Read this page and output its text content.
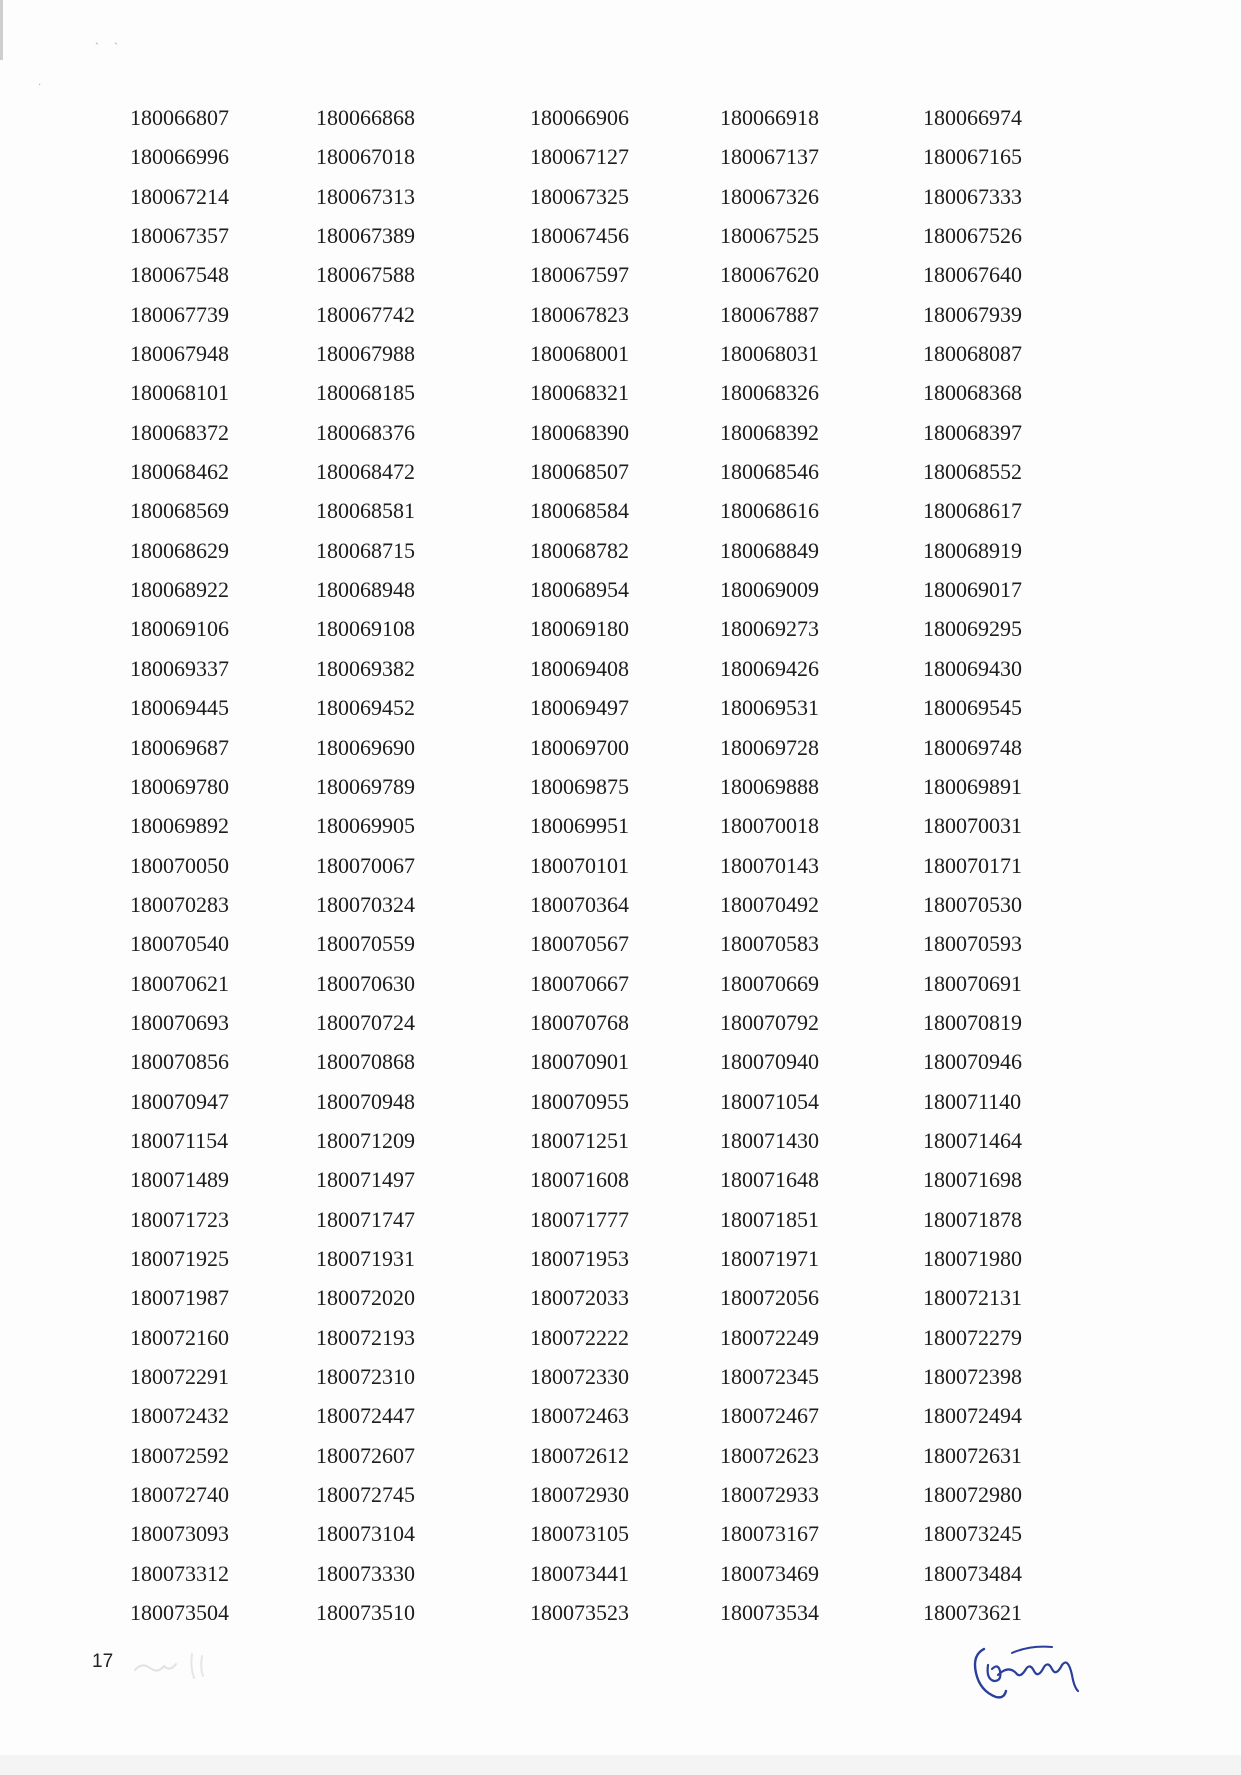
` `
·
180066807	180066868	180066906	180066918	180066974
180066996	180067018	180067127	180067137	180067165
180067214	180067313	180067325	180067326	180067333
180067357	180067389	180067456	180067525	180067526
180067548	180067588	180067597	180067620	180067640
180067739	180067742	180067823	180067887	180067939
180067948	180067988	180068001	180068031	180068087
180068101	180068185	180068321	180068326	180068368
180068372	180068376	180068390	180068392	180068397
180068462	180068472	180068507	180068546	180068552
180068569	180068581	180068584	180068616	180068617
180068629	180068715	180068782	180068849	180068919
180068922	180068948	180068954	180069009	180069017
180069106	180069108	180069180	180069273	180069295
180069337	180069382	180069408	180069426	180069430
180069445	180069452	180069497	180069531	180069545
180069687	180069690	180069700	180069728	180069748
180069780	180069789	180069875	180069888	180069891
180069892	180069905	180069951	180070018	180070031
180070050	180070067	180070101	180070143	180070171
180070283	180070324	180070364	180070492	180070530
180070540	180070559	180070567	180070583	180070593
180070621	180070630	180070667	180070669	180070691
180070693	180070724	180070768	180070792	180070819
180070856	180070868	180070901	180070940	180070946
180070947	180070948	180070955	180071054	180071140
180071154	180071209	180071251	180071430	180071464
180071489	180071497	180071608	180071648	180071698
180071723	180071747	180071777	180071851	180071878
180071925	180071931	180071953	180071971	180071980
180071987	180072020	180072033	180072056	180072131
180072160	180072193	180072222	180072249	180072279
180072291	180072310	180072330	180072345	180072398
180072432	180072447	180072463	180072467	180072494
180072592	180072607	180072612	180072623	180072631
180072740	180072745	180072930	180072933	180072980
180073093	180073104	180073105	180073167	180073245
180073312	180073330	180073441	180073469	180073484
180073504	180073510	180073523	180073534	180073621
17
